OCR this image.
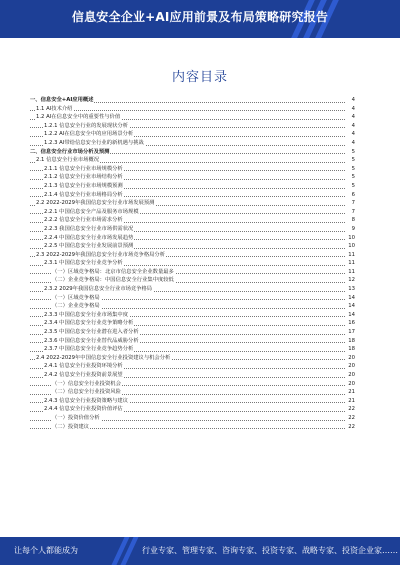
信息安全企业+AI应用前景及布局策略研究报告
内容目录
一、信息安全+AI应用概述	4
1.1 AI技术介绍	4
1.2 AI在信息安全中的重要性与价值	4
1.2.1 信息安全行业的发展现状分析	4
1.2.2 AI在信息安全中的应用场景分析	4
1.2.3 AI带给信息安全行业的新机遇与挑战	4
二、信息安全行业市场分析及预测	5
2.1 信息安全行业市场概况	5
2.1.1 信息安全行业市场规模分析	5
2.1.2 信息安全行业市场结构分析	5
2.1.3 信息安全行业市场规模预测	5
2.1.4 信息安全行业市场格局分析	6
2.2 2022-2029年我国信息安全行业市场发展预测	7
2.2.1 中国信息安全产品及服务市场规模	7
2.2.2 信息安全行业市场需求分析	8
2.2.3 我国信息安全行业市场供需状况	9
2.2.4 中国信息安全行业市场发展趋势	10
2.2.5 中国信息安全行业发展前景预测	10
2.3 2022-2029年我国信息安全行业市场竞争格局分析	11
2.3.1 中国信息安全行业竞争分析	11
（一）区域竞争格局：北京市信息安全企业数量最多	11
（二）企业竞争格局：中国信息安全行业集中度较低	12
2.3.2 2029年我国信息安全行业市场竞争格局	13
（一）区域竞争格局	14
（二）企业竞争格局	14
2.3.3 中国信息安全行业市场集中度	14
2.3.4 中国信息安全行业竞争策略分析	16
2.3.5 中国信息安全行业潜在进入者分析	17
2.3.6 中国信息安全行业替代品威胁分析	18
2.3.7 中国信息安全行业竞争趋势分析	18
2.4 2022-2029年中国信息安全行业投资建议与机会分析	20
2.4.1 信息安全行业投资环境分析	20
2.4.2 信息安全行业投资前景展望	20
（一）信息安全行业投资机会	20
（二）信息安全行业投资风险	21
2.4.3 信息安全行业投资策略与建议	21
2.4.4 信息安全行业投资价值评估	22
（一）投资价值分析	22
（二）投资建议	22
让每个人都能成为	行业专家、管理专家、咨询专家、投资专家、战略专家、投资企业家……
